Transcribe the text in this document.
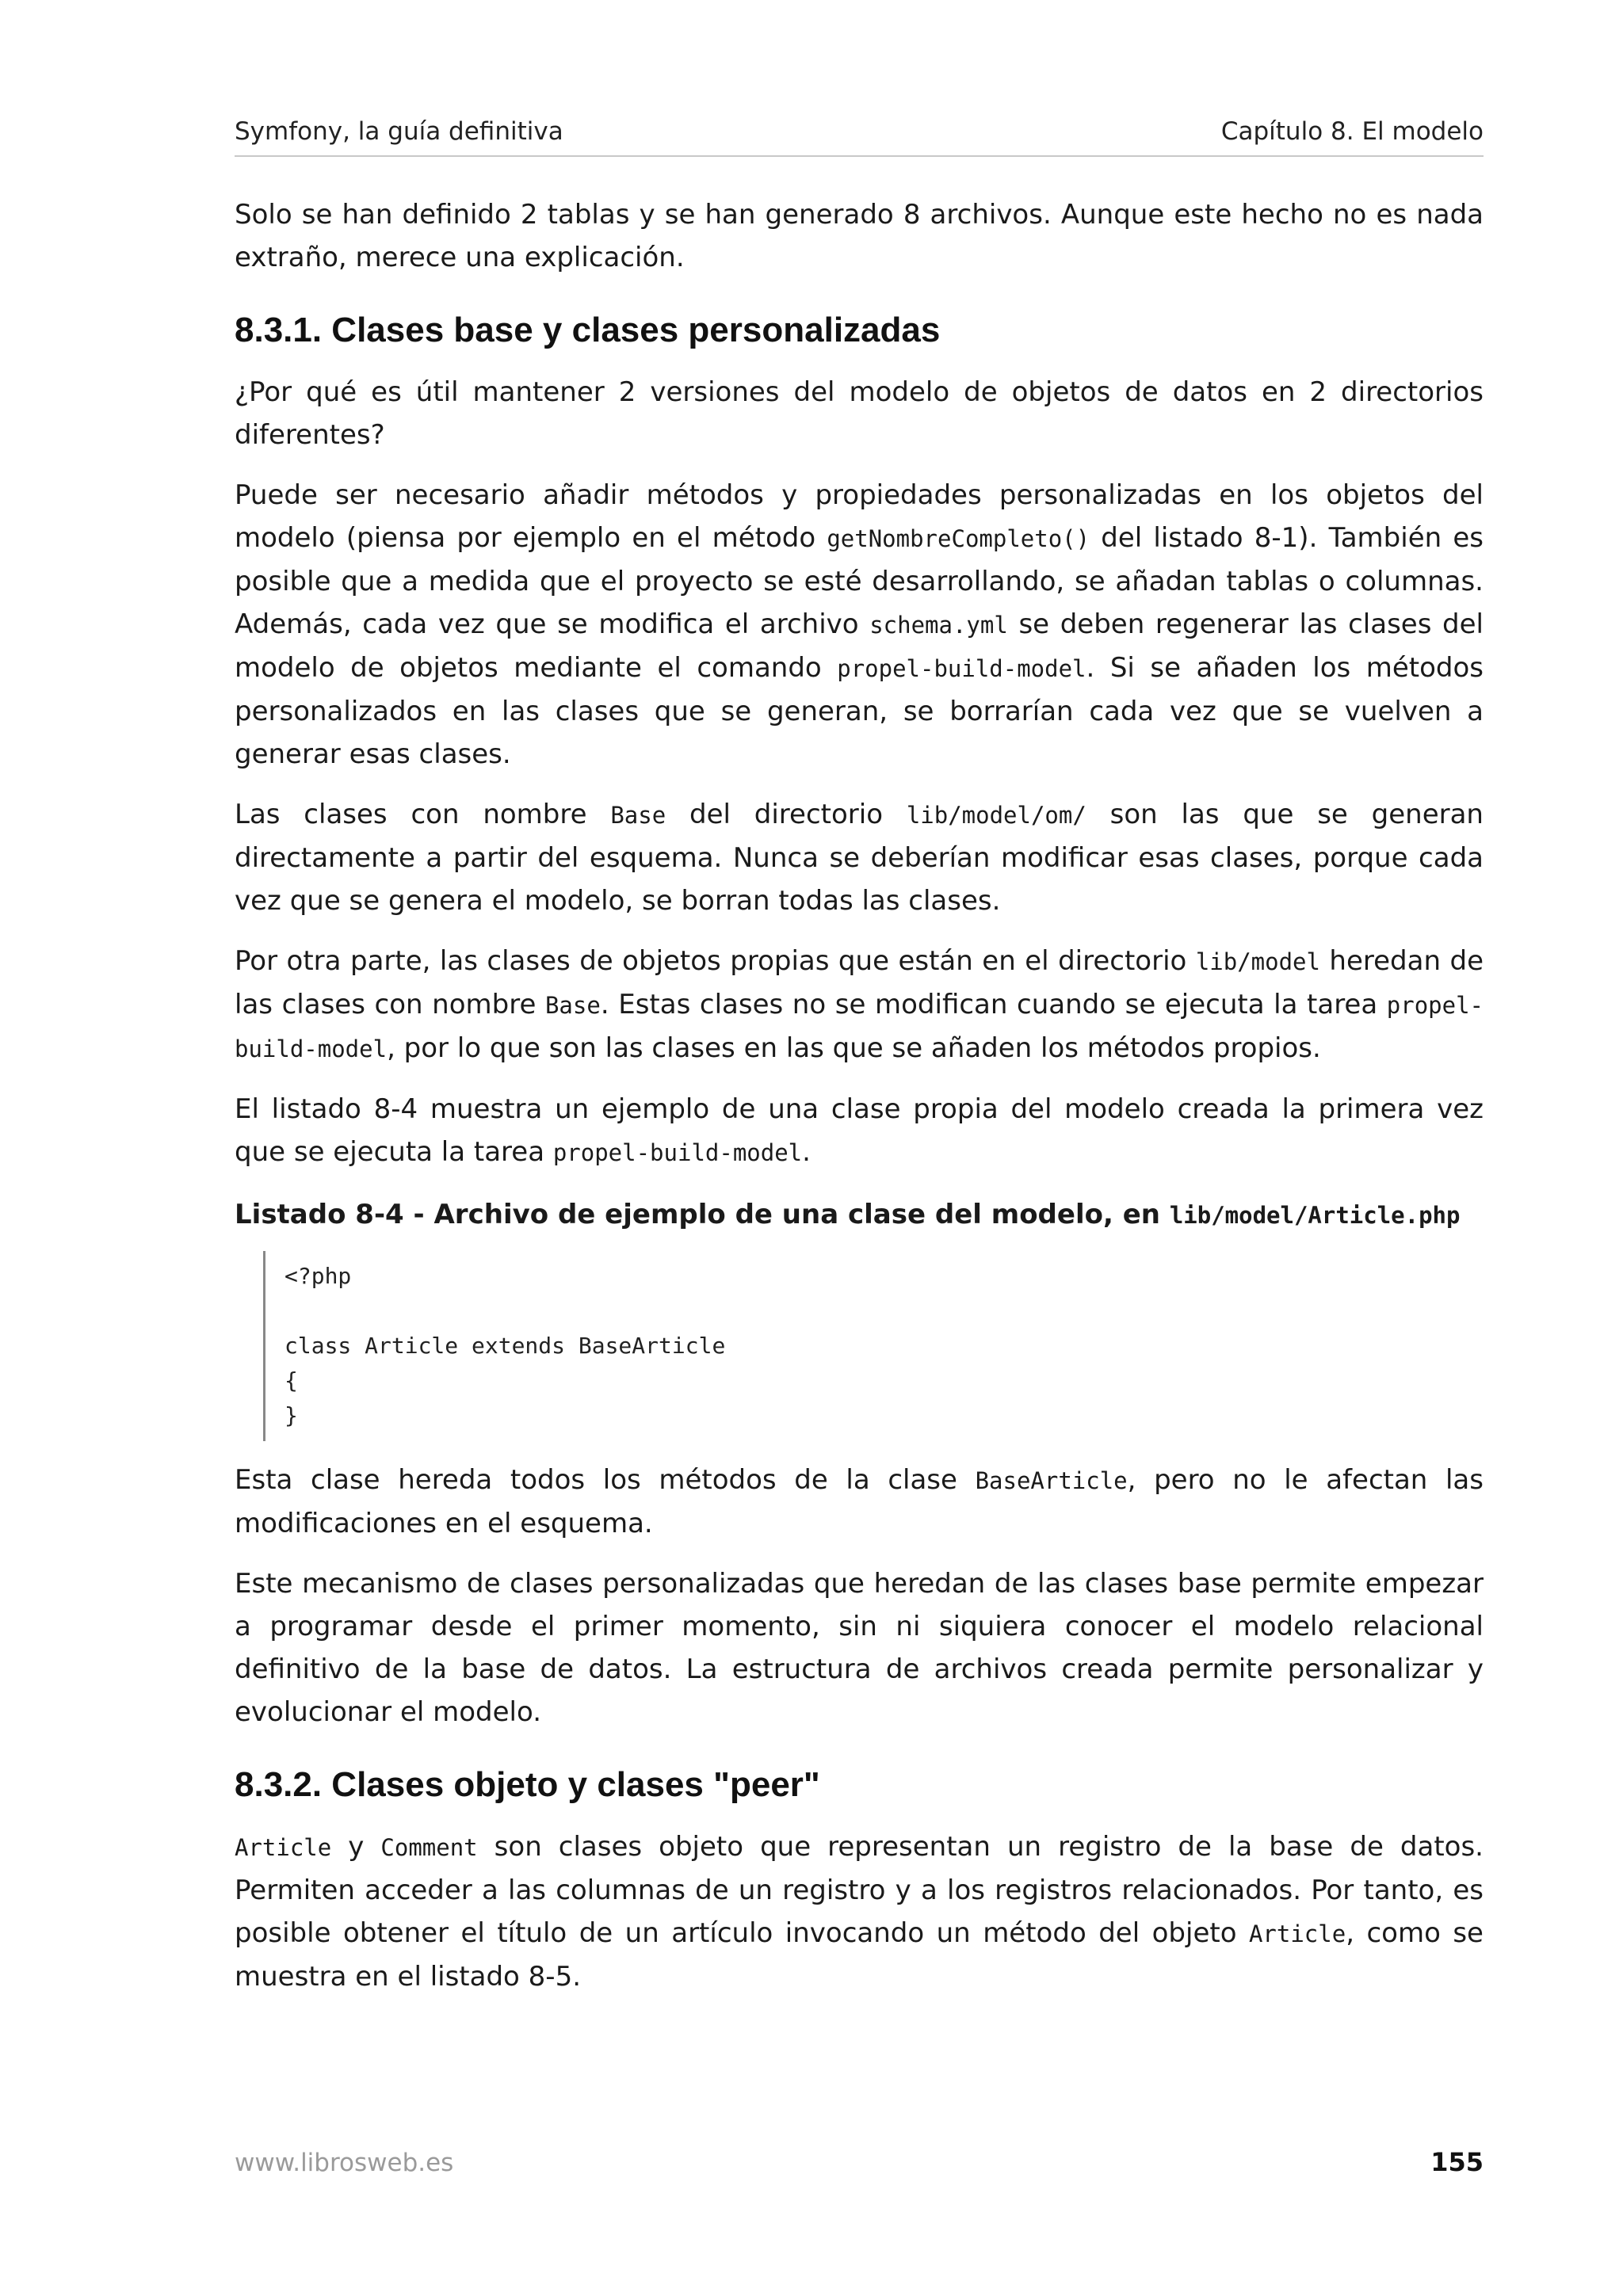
Symfony, la guía definitiva	Capítulo 8. El modelo

Solo se han definido 2 tablas y se han generado 8 archivos. Aunque este hecho no es nada extraño, merece una explicación.

8.3.1. Clases base y clases personalizadas

¿Por qué es útil mantener 2 versiones del modelo de objetos de datos en 2 directorios diferentes?

Puede ser necesario añadir métodos y propiedades personalizadas en los objetos del modelo (piensa por ejemplo en el método getNombreCompleto() del listado 8-1). También es posible que a medida que el proyecto se esté desarrollando, se añadan tablas o columnas. Además, cada vez que se modifica el archivo schema.yml se deben regenerar las clases del modelo de objetos mediante el comando propel-build-model. Si se añaden los métodos personalizados en las clases que se generan, se borrarían cada vez que se vuelven a generar esas clases.

Las clases con nombre Base del directorio lib/model/om/ son las que se generan directamente a partir del esquema. Nunca se deberían modificar esas clases, porque cada vez que se genera el modelo, se borran todas las clases.

Por otra parte, las clases de objetos propias que están en el directorio lib/model heredan de las clases con nombre Base. Estas clases no se modifican cuando se ejecuta la tarea propel-build-model, por lo que son las clases en las que se añaden los métodos propios.

El listado 8-4 muestra un ejemplo de una clase propia del modelo creada la primera vez que se ejecuta la tarea propel-build-model.

Listado 8-4 - Archivo de ejemplo de una clase del modelo, en lib/model/Article.php
<?php
class Article extends BaseArticle
{
}

Esta clase hereda todos los métodos de la clase BaseArticle, pero no le afectan las modificaciones en el esquema.

Este mecanismo de clases personalizadas que heredan de las clases base permite empezar a programar desde el primer momento, sin ni siquiera conocer el modelo relacional definitivo de la base de datos. La estructura de archivos creada permite personalizar y evolucionar el modelo.

8.3.2. Clases objeto y clases "peer"

Article y Comment son clases objeto que representan un registro de la base de datos. Permiten acceder a las columnas de un registro y a los registros relacionados. Por tanto, es posible obtener el título de un artículo invocando un método del objeto Article, como se muestra en el listado 8-5.

www.librosweb.es	155
